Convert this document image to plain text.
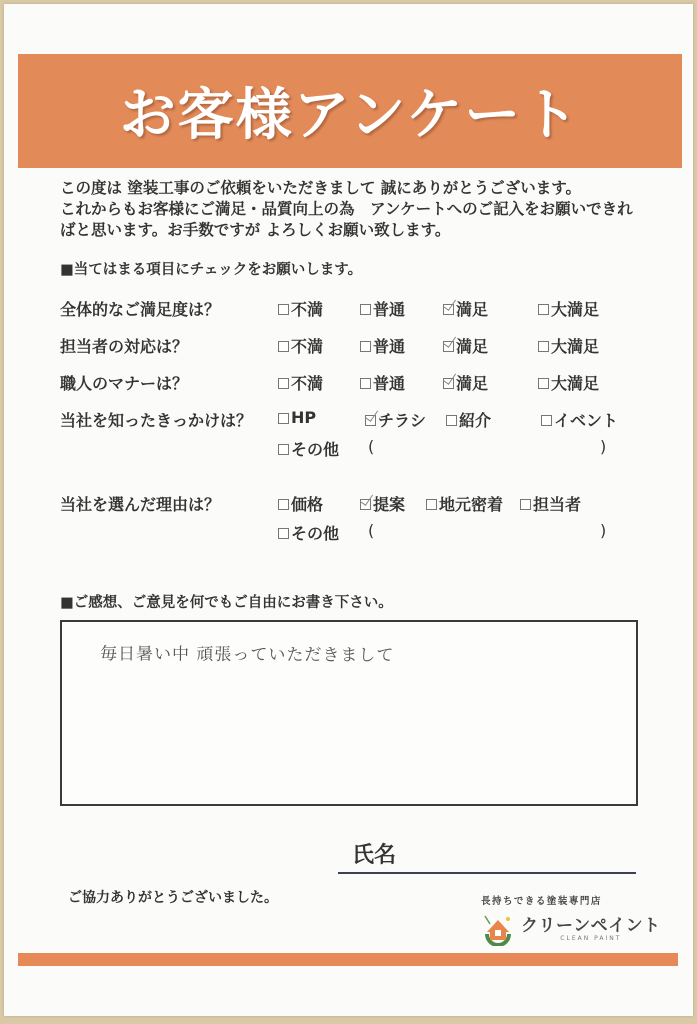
お客様アンケート
この度は 塗装工事のご依頼をいただきまして 誠にありがとうございます。
これからもお客様にご満足・品質向上の為　アンケートへのご記入をお願いできれ
ばと思います。お手数ですが よろしくお願い致します。
■当てはまる項目にチェックをお願いします。
全体的なご満足度は？	不満	普通	満足	大満足
担当者の対応は？	不満	普通	満足	大満足
職人のマナーは？	不満	普通	満足	大満足
当社を知ったきっかけは？ HP	チラシ 紹介	イベント
その他 (	)
当社を選んだ理由は？	価格	提案 地元密着 担当者
その他 (	)
■ご感想、ご意見を何でもご自由にお書き下さい。
毎日暑い中 頑張っていただきまして
氏名
ご協力ありがとうございました。	長持ちできる塗装専門店
クリーンペイント
CLEAN PAINT
